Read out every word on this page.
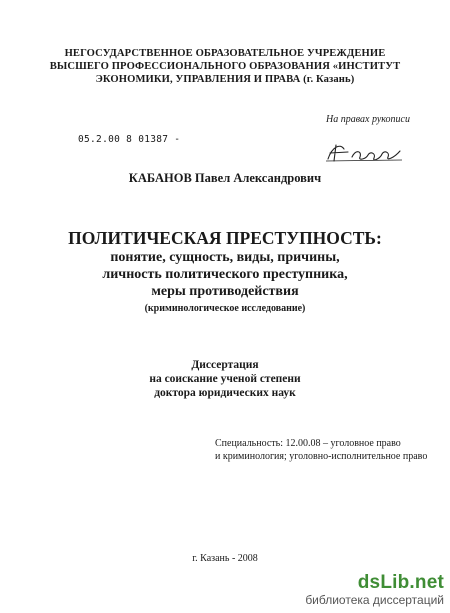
НЕГОСУДАРСТВЕННОЕ ОБРАЗОВАТЕЛЬНОЕ УЧРЕЖДЕНИЕ
ВЫСШЕГО ПРОФЕССИОНАЛЬНОГО ОБРАЗОВАНИЯ «ИНСТИТУТ
ЭКОНОМИКИ, УПРАВЛЕНИЯ И ПРАВА (г. Казань)
На правах рукописи
05.2.00 8 01387 -
КАБАНОВ Павел Александрович
ПОЛИТИЧЕСКАЯ ПРЕСТУПНОСТЬ:
понятие, сущность, виды, причины,
личность политического преступника,
меры противодействия
(криминологическое исследование)
Диссертация
на соискание ученой степени
доктора юридических наук
Специальность: 12.00.08 – уголовное право
и криминология; уголовно-исполнительное право
г. Казань - 2008
dsLib.net
библиотека диссертаций
